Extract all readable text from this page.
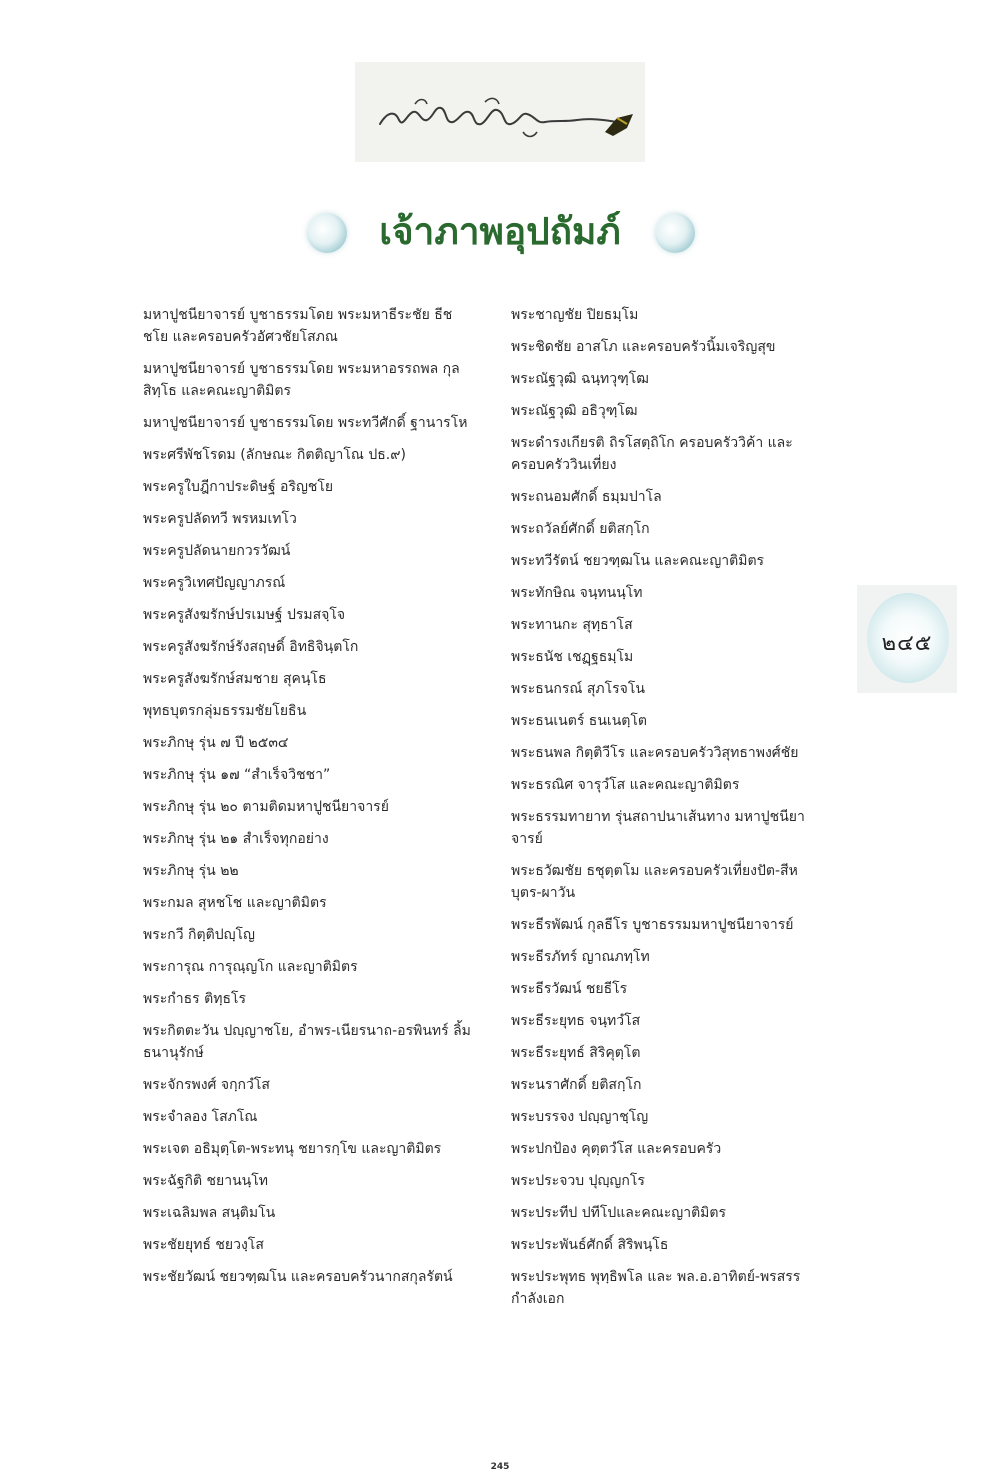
เจ้าภาพอุปถัมภ์
มหาปูชนียาจารย์ บูชาธรรมโดย พระมหาธีระชัย ธีชชโย และครอบครัวอัศวชัยโสภณ
มหาปูชนียาจารย์ บูชาธรรมโดย พระมหาอรรถพล กุลสิทฺโธ และคณะญาติมิตร
มหาปูชนียาจารย์ บูชาธรรมโดย พระทวีศักดิ์ ฐานารโห
พระศรีพัชโรดม (ลักษณะ กิตติญาโณ ปธ.๙)
พระครูใบฎีกาประดิษฐ์ อริญชโย
พระครูปลัดทวี พรหมเทโว
พระครูปลัดนายกวรวัฒน์
พระครูวิเทศปัญญาภรณ์
พระครูสังฆรักษ์ปรเมษฐ์ ปรมสจฺโจ
พระครูสังฆรักษ์รังสฤษดิ์ อิทธิจินฺตโก
พระครูสังฆรักษ์สมชาย สุคนฺโธ
พุทธบุตรกลุ่มธรรมชัยโยธิน
พระภิกษุ รุ่น ๗ ปี ๒๕๓๔
พระภิกษุ รุ่น ๑๗ “สำเร็จวิชชา”
พระภิกษุ รุ่น ๒๐ ตามติดมหาปูชนียาจารย์
พระภิกษุ รุ่น ๒๑ สำเร็จทุกอย่าง
พระภิกษุ รุ่น ๒๒
พระกมล สุหชโช และญาติมิตร
พระกวี กิตฺติปญฺโญ
พระการุณ การุณฺญโก และญาติมิตร
พระกำธร ติทฺธโร
พระกิตตะวัน ปญฺญาชโย, อำพร-เนียรนาถ-อรพินทร์ ลิ้มธนานุรักษ์
พระจักรพงศ์ จกฺกวํโส
พระจำลอง โสภโณ
พระเจต อธิมุตฺโต-พระทนุ ชยารกฺโข และญาติมิตร
พระฉัฐกิติ ชยานนฺโท
พระเฉลิมพล สนฺติมโน
พระชัยยุทธ์ ชยวงฺโส
พระชัยวัฒน์ ชยวฑฺฒโน และครอบครัวนากสกุลรัตน์
พระชาญชัย ปิยธมฺโม
พระชิดชัย อาสโภ และครอบครัวนิ้มเจริญสุข
พระณัฐวุฒิ ฉนฺทวุฑฺโฒ
พระณัฐวุฒิ อธิวุฑฺโฒ
พระดำรงเกียรติ ถิรโสตฺถิโก ครอบครัววิค้า และครอบครัววินเที่ยง
พระถนอมศักดิ์ ธมฺมปาโล
พระถวัลย์ศักดิ์ ยติสกฺโก
พระทวีรัตน์ ชยวฑฺฒโน และคณะญาติมิตร
พระทักษิณ จนฺทนนฺโท
พระทานกะ สุทฺธาโส
พระธนัช เชฏฺฐธมฺโม
พระธนกรณ์ สุภโรจโน
พระธนเนตร์ ธนเนตฺโต
พระธนพล กิตฺติวีโร และครอบครัววิสุทธาพงศ์ชัย
พระธรณิศ จารุวํโส และคณะญาติมิตร
พระธรรมทายาท รุ่นสถาปนาเส้นทาง มหาปูชนียาจารย์
พระธวัฒชัย ธชุตฺตโม และครอบครัวเที่ยงปัต-สีหบุตร-ผาวัน
พระธีรพัฒน์ กุลธีโร บูชาธรรมมหาปูชนียาจารย์
พระธีรภัทร์ ญาณภทฺโท
พระธีรวัฒน์ ชยธีโร
พระธีระยุทธ จนฺทวํโส
พระธีระยุทธ์ สิริคุตฺโต
พระนราศักดิ์ ยติสกฺโก
พระบรรจง ปญฺญาชฺโญ
พระปกป้อง คุตฺตวํโส และครอบครัว
พระประจวบ ปุญฺญกโร
พระประทีป ปทีโปและคณะญาติมิตร
พระประพันธ์ศักดิ์ สิริพนฺโธ
พระประพุทธ พุทฺธิพโล และ พล.อ.อาทิตย์-พรสรร กำลังเอก
๒๔๕
245
